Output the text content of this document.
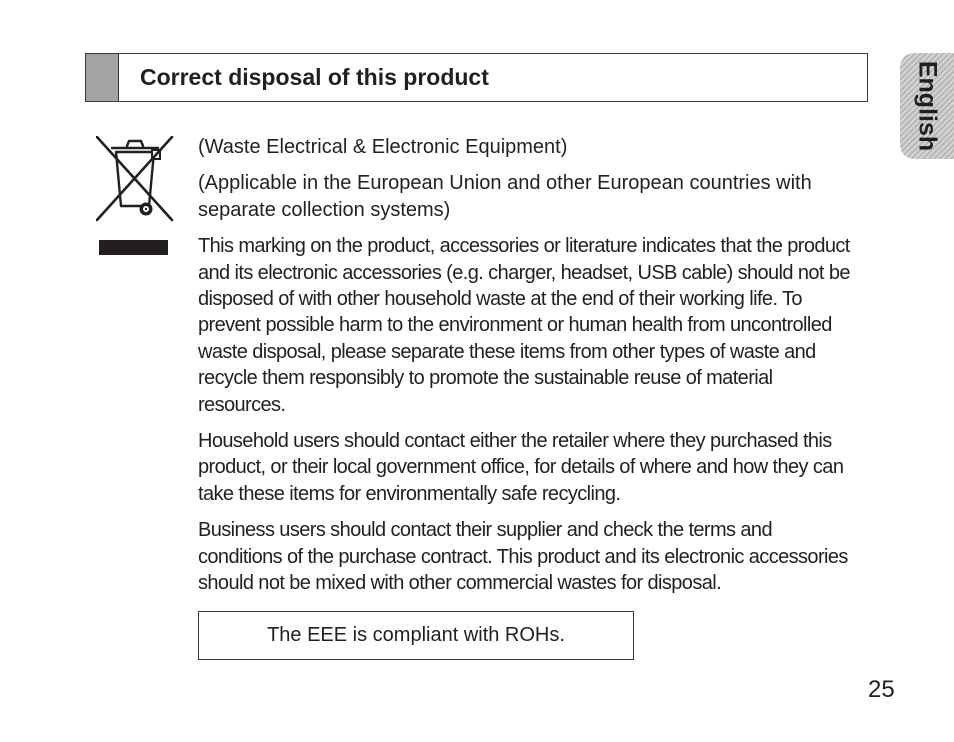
Correct disposal of this product	English

(Waste Electrical & Electronic Equipment)

(Applicable in the European Union and other European countries with separate collection systems)

This marking on the product, accessories or literature indicates that the product and its electronic accessories (e.g. charger, headset, USB cable) should not be disposed of with other household waste at the end of their working life. To prevent possible harm to the environment or human health from uncontrolled waste disposal, please separate these items from other types of waste and recycle them responsibly to promote the sustainable reuse of material resources.

Household users should contact either the retailer where they purchased this product, or their local government office, for details of where and how they can take these items for environmentally safe recycling.

Business users should contact their supplier and check the terms and conditions of the purchase contract. This product and its electronic accessories should not be mixed with other commercial wastes for disposal.

The EEE is compliant with ROHs.
25
